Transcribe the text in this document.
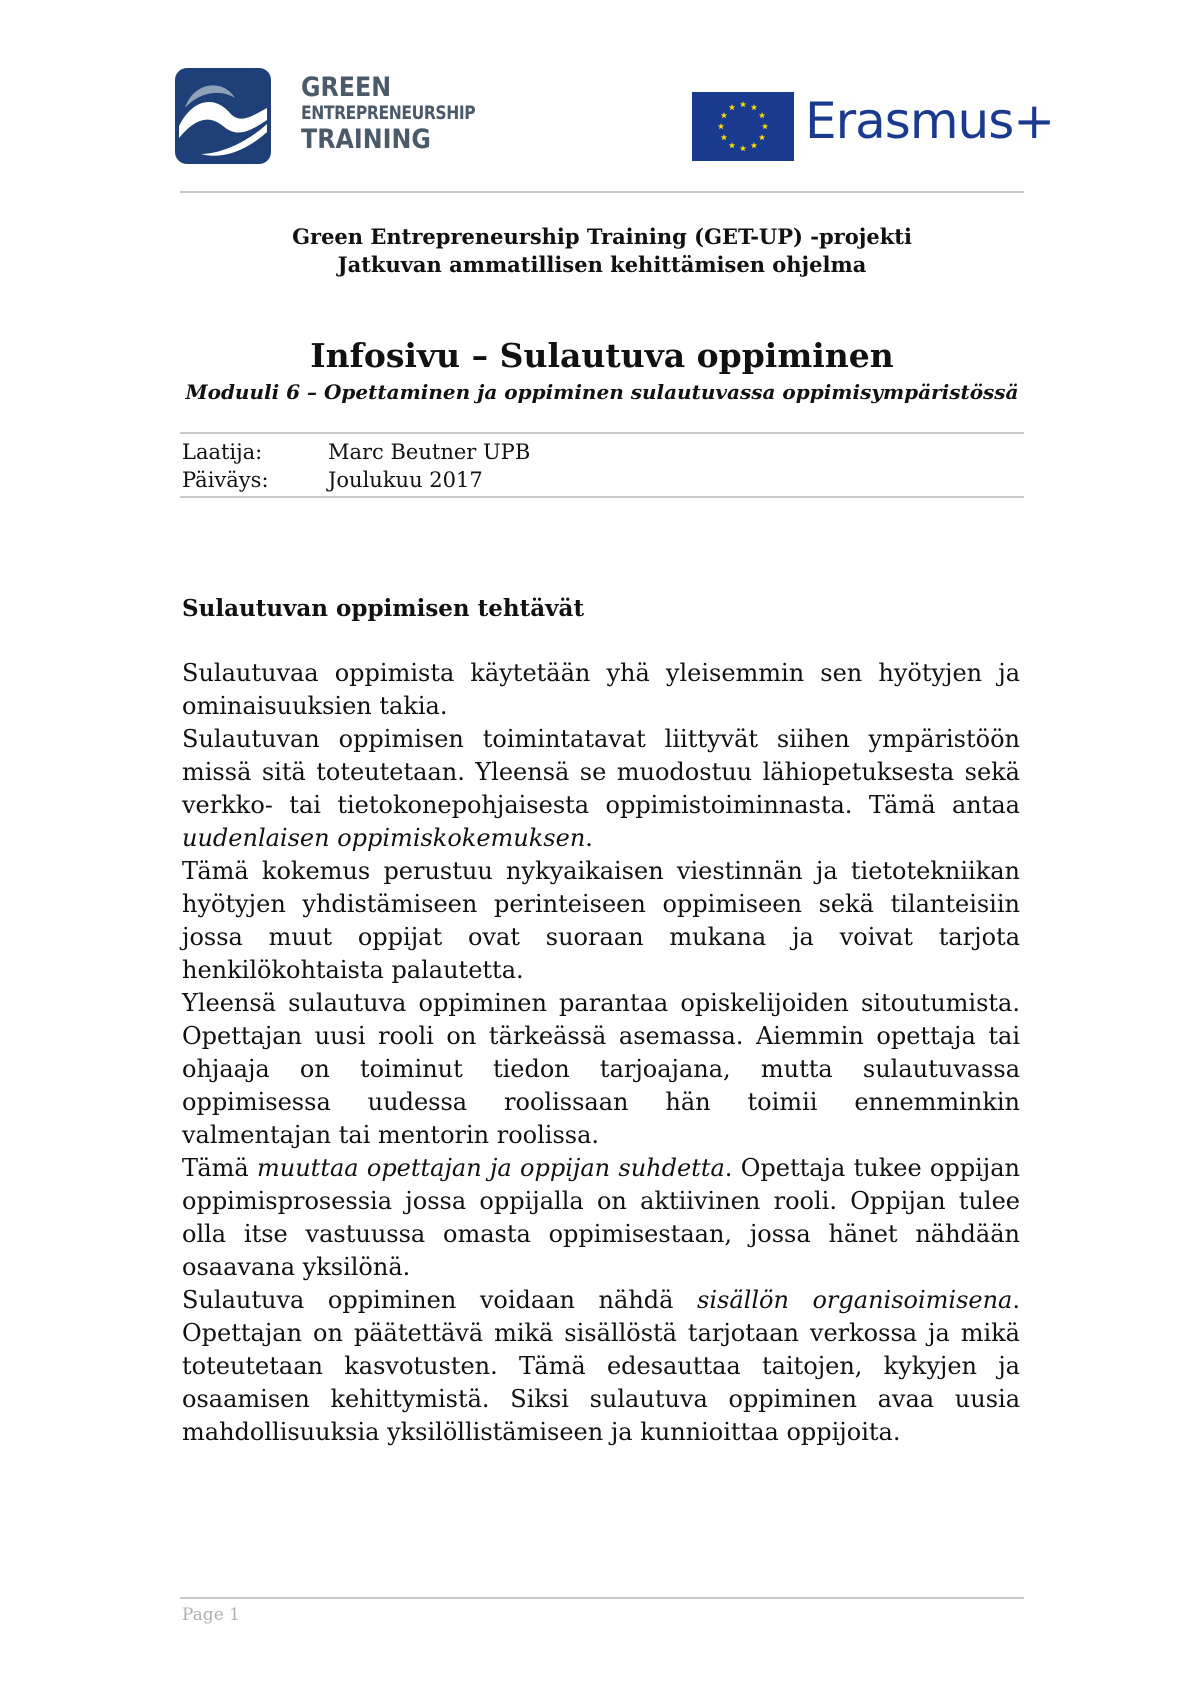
GREEN
ENTREPRENEURSHIP
TRAINING	Erasmus+
Green Entrepreneurship Training (GET-UP) -projekti
Jatkuvan ammatillisen kehittämisen ohjelma
Infosivu – Sulautuva oppiminen
Moduuli 6 – Opettaminen ja oppiminen sulautuvassa oppimisympäristössä
Laatija:	Marc Beutner UPB
Päiväys:	Joulukuu 2017
Sulautuvan oppimisen tehtävät

Sulautuvaa oppimista käytetään yhä yleisemmin sen hyötyjen ja ominaisuuksien takia.

Sulautuvan oppimisen toimintatavat liittyvät siihen ympäristöön missä sitä toteutetaan. Yleensä se muodostuu lähiopetuksesta sekä verkko- tai tietokonepohjaisesta oppimistoiminnasta. Tämä antaa uudenlaisen oppimiskokemuksen.

Tämä kokemus perustuu nykyaikaisen viestinnän ja tietotekniikan hyötyjen yhdistämiseen perinteiseen oppimiseen sekä tilanteisiin jossa muut oppijat ovat suoraan mukana ja voivat tarjota henkilökohtaista palautetta.

Yleensä sulautuva oppiminen parantaa opiskelijoiden sitoutumista. Opettajan uusi rooli on tärkeässä asemassa. Aiemmin opettaja tai ohjaaja on toiminut tiedon tarjoajana, mutta sulautuvassa oppimisessa uudessa roolissaan hän toimii ennemminkin valmentajan tai mentorin roolissa.

Tämä muuttaa opettajan ja oppijan suhdetta. Opettaja tukee oppijan oppimisprosessia jossa oppijalla on aktiivinen rooli. Oppijan tulee olla itse vastuussa omasta oppimisestaan, jossa hänet nähdään osaavana yksilönä.

Sulautuva oppiminen voidaan nähdä sisällön organisoimisena. Opettajan on päätettävä mikä sisällöstä tarjotaan verkossa ja mikä toteutetaan kasvotusten. Tämä edesauttaa taitojen, kykyjen ja osaamisen kehittymistä. Siksi sulautuva oppiminen avaa uusia mahdollisuuksia yksilöllistämiseen ja kunnioittaa oppijoita.

Page 1
